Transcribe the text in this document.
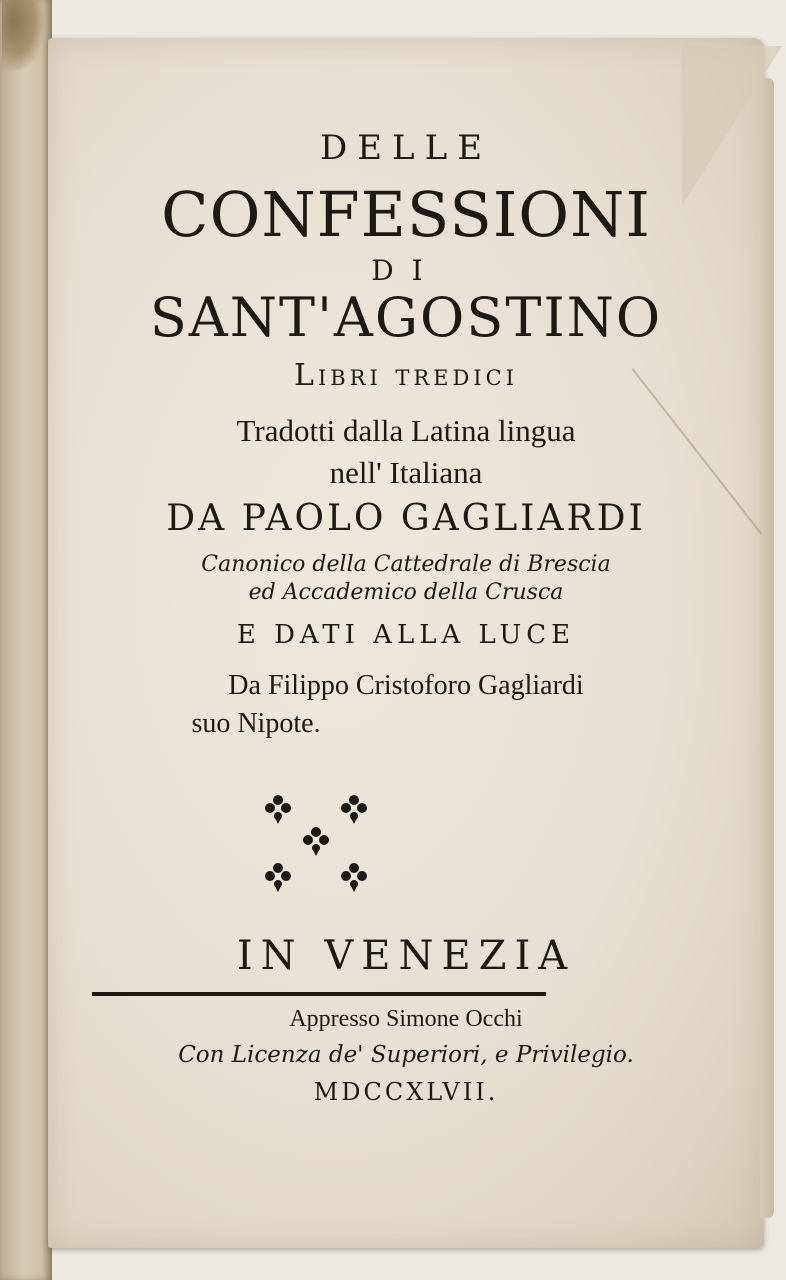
DELLE
CONFESSIONI
DI
SANT'AGOSTINO
Libri tredici
Tradotti dalla Latina lingua
nell' Italiana
DA PAOLO GAGLIARDI
Canonico della Cattedrale di Brescia
ed Accademico della Crusca
E DATI ALLA LUCE
Da Filippo Cristoforo Gagliardi
suo Nipote.
IN VENEZIA
Appresso Simone Occhi
Con Licenza de' Superiori, e Privilegio.
MDCCXLVII.
